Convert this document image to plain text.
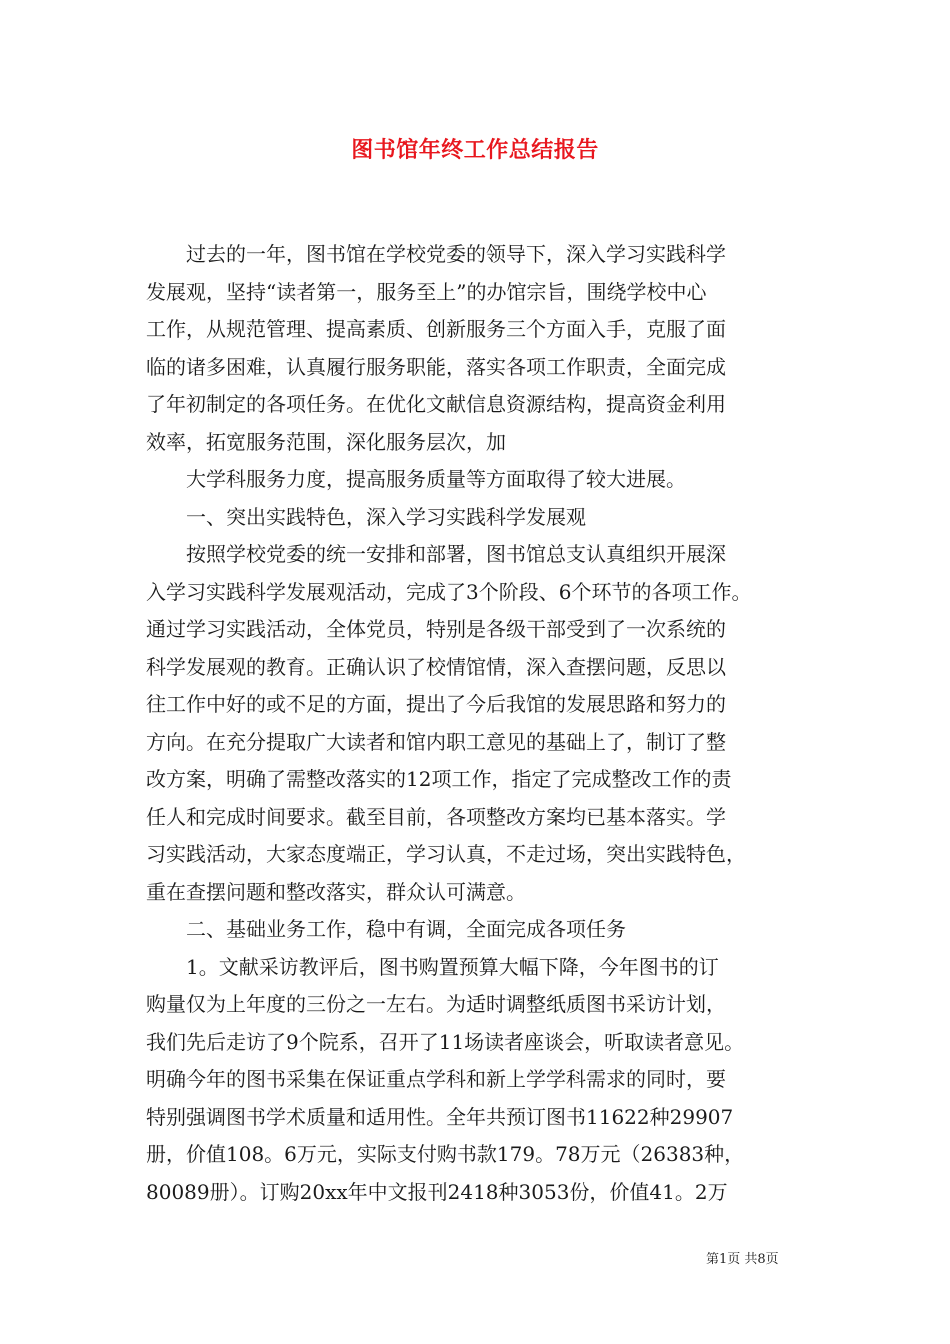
图书馆年终工作总结报告
过去的一年，图书馆在学校党委的领导下，深入学习实践科学
发展观，坚持“读者第一，服务至上”的办馆宗旨，围绕学校中心
工作，从规范管理、提高素质、创新服务三个方面入手，克服了面
临的诸多困难，认真履行服务职能，落实各项工作职责，全面完成
了年初制定的各项任务。在优化文献信息资源结构，提高资金利用
效率，拓宽服务范围，深化服务层次，加
大学科服务力度，提高服务质量等方面取得了较大进展。
一、突出实践特色，深入学习实践科学发展观
按照学校党委的统一安排和部署，图书馆总支认真组织开展深
入学习实践科学发展观活动，完成了3个阶段、6个环节的各项工作。
通过学习实践活动，全体党员，特别是各级干部受到了一次系统的
科学发展观的教育。正确认识了校情馆情，深入查摆问题，反思以
往工作中好的或不足的方面，提出了今后我馆的发展思路和努力的
方向。在充分提取广大读者和馆内职工意见的基础上了，制订了整
改方案，明确了需整改落实的12项工作，指定了完成整改工作的责
任人和完成时间要求。截至目前，各项整改方案均已基本落实。学
习实践活动，大家态度端正，学习认真，不走过场，突出实践特色，
重在查摆问题和整改落实，群众认可满意。
二、基础业务工作，稳中有调，全面完成各项任务
1。文献采访教评后，图书购置预算大幅下降，今年图书的订
购量仅为上年度的三份之一左右。为适时调整纸质图书采访计划，
我们先后走访了9个院系，召开了11场读者座谈会，听取读者意见。
明确今年的图书采集在保证重点学科和新上学学科需求的同时，要
特别强调图书学术质量和适用性。全年共预订图书11622种29907
册，价值108。6万元，实际支付购书款179。78万元（26383种，
80089册）。订购20xx年中文报刊2418种3053份，价值41。2万
第1页 共8页
